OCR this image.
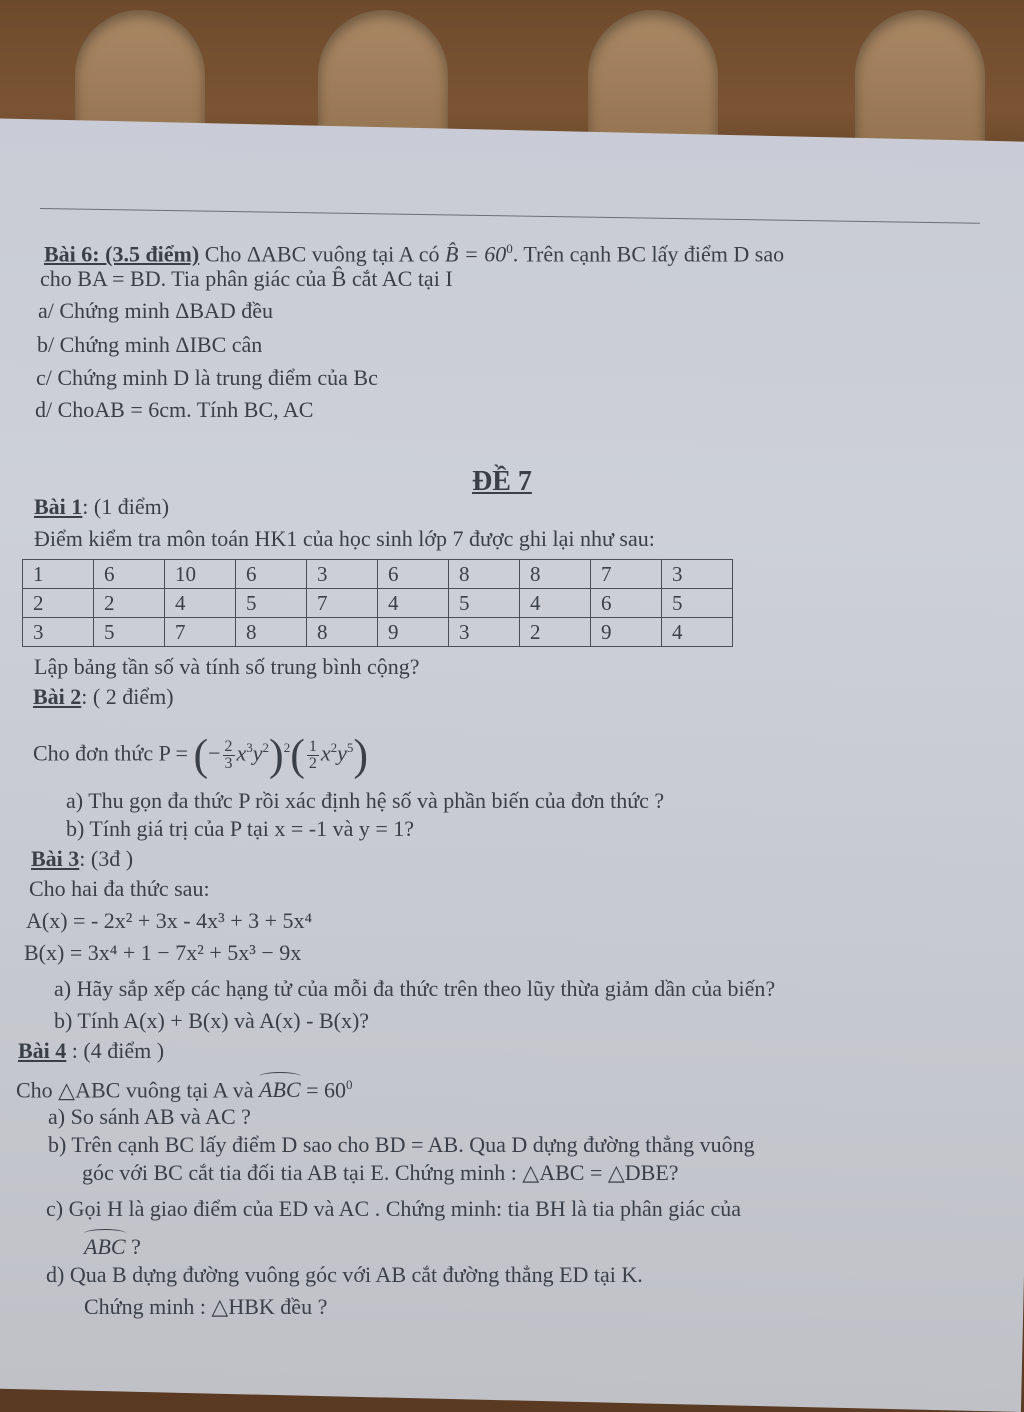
Bài 6: (3.5 điểm) Cho ΔABC vuông tại A có B̂ = $60^0$. Trên cạnh BC lấy điểm D sao
cho BA = BD. Tia phân giác của B̂ cắt AC tại I
a/ Chứng minh ΔBAD đều
b/ Chứng minh ΔIBC cân
c/ Chứng minh D là trung điểm của Bc
d/ ChoAB = 6cm. Tính BC, AC
ĐỀ 7
Bài 1: (1 điểm)
Điểm kiểm tra môn toán HK1 của học sinh lớp 7 được ghi lại như sau:
1	6	10	6	3	6	8	8	7	3
2	2	4	5	7	4	5	4	6	5
3	5	7	8	8	9	3	2	9	4
Lập bảng tần số và tính số trung bình cộng?
Bài 2: ( 2 điểm)
Cho đơn thức P = (− $\frac{2}{3} x^3y^2)^2( \frac{1}{2} x^2y^5)$
a) Thu gọn đa thức P rồi xác định hệ số và phần biến của đơn thức ?
b) Tính giá trị của P tại x = -1 và y = 1?
Bài 3: (3đ )
Cho hai đa thức sau:
A(x) = - 2x² + 3x - 4x³ + 3 + 5x⁴
B(x) = 3x⁴ + 1 − 7x² + 5x³ − 9x
a) Hãy sắp xếp các hạng tử của mỗi đa thức trên theo lũy thừa giảm dần của biến?
b) Tính A(x) + B(x) và A(x) - B(x)?
Bài 4 : (4 điểm )
Cho △ABC vuông tại A và ABC = $60^0$
a) So sánh AB và AC ?
b) Trên cạnh BC lấy điểm D sao cho BD = AB. Qua D dựng đường thẳng vuông
góc với BC cắt tia đối tia AB tại E. Chứng minh : △ABC = △DBE?
c) Gọi H là giao điểm của ED và AC . Chứng minh: tia BH là tia phân giác của
ABC ?
d) Qua B dựng đường vuông góc với AB cắt đường thẳng ED tại K.
Chứng minh : △HBK đều ?
